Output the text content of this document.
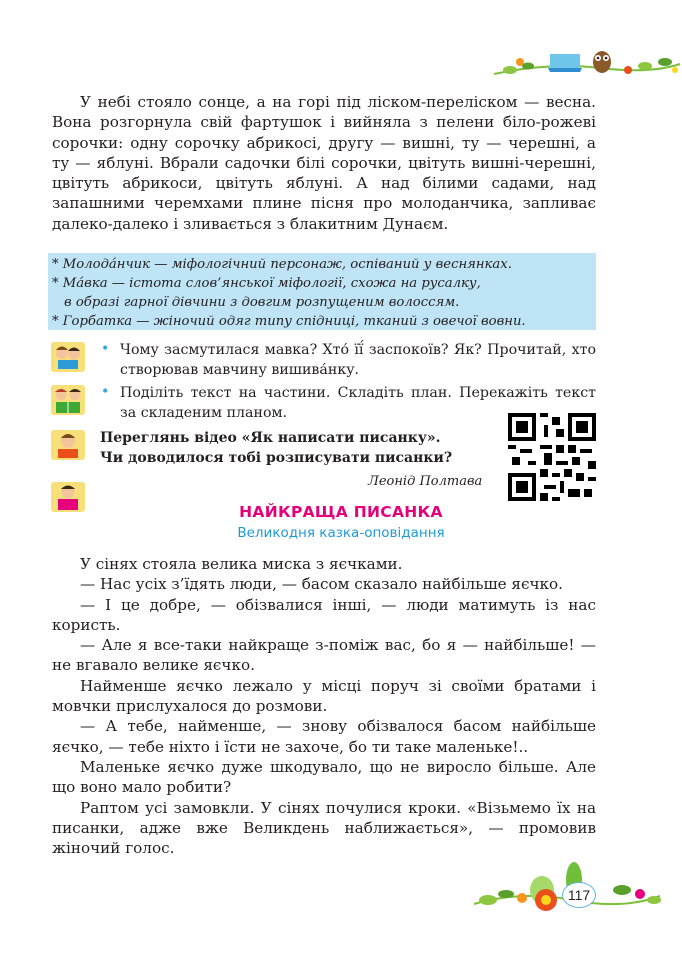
У небі стояло сонце, а на горі під ліском-переліском — весна. Вона розгорнула свій фартушок і вийняла з пелени біло-рожеві сорочки: одну сорочку абрикосі, другу — вишні, ту — черешні, а ту — яблуні. Вбрали садочки білі сорочки, цвітуть вишні-черешні, цвітуть абрикоси, цвітуть яблуні. А над білими садами, над запашними черемхами плине пісня про молоданчика, запливає далеко-далеко і зливається з блакитним Дунаєм.

* Молода́нчик — міфологічний персонаж, оспіваний у веснянках.
* Ма́вка — істота слов’янської міфології, схожа на русалку,
в образі гарної дівчини з довгим розпущеним волоссям.
* Горбатка — жіночий одяг типу спідниці, тканий з овечої вовни.
• Чому засмутилася мавка? Хто́ її́ заспокоїв? Як? Прочитай, хто створював мавчину вишива́нку.
• Поділіть текст на частини. Складіть план. Перекажіть текст за складеним планом.
Переглянь відео «Як написати писанку».
Чи доводилося тобі розписувати писанки?
Леонід Полтава
НАЙКРАЩА ПИСАНКА
Великодня казка-оповідання

У сінях стояла велика миска з яєчками.

— Нас усіх з’їдять люди, — басом сказало найбільше яєчко.

— І це добре, — обізвалися інші, — люди матимуть із нас користь.

— Але я все-таки найкраще з-поміж вас, бо я — найбільше! — не вгавало велике яєчко.

Найменше яєчко лежало у місці поруч зі своїми братами і мовчки прислухалося до розмови.

— А тебе, найменше, — знову обізвалося басом найбільше яєчко, — тебе ніхто і їсти не захоче, бо ти таке маленьке!..

Маленьке яєчко дуже шкодувало, що не виросло більше. Але що воно мало робити?

Раптом усі замовкли. У сінях почулися кроки. «Візьмемо їх на писанки, адже вже Великдень наближається», — промовив жіночий голос.

117
